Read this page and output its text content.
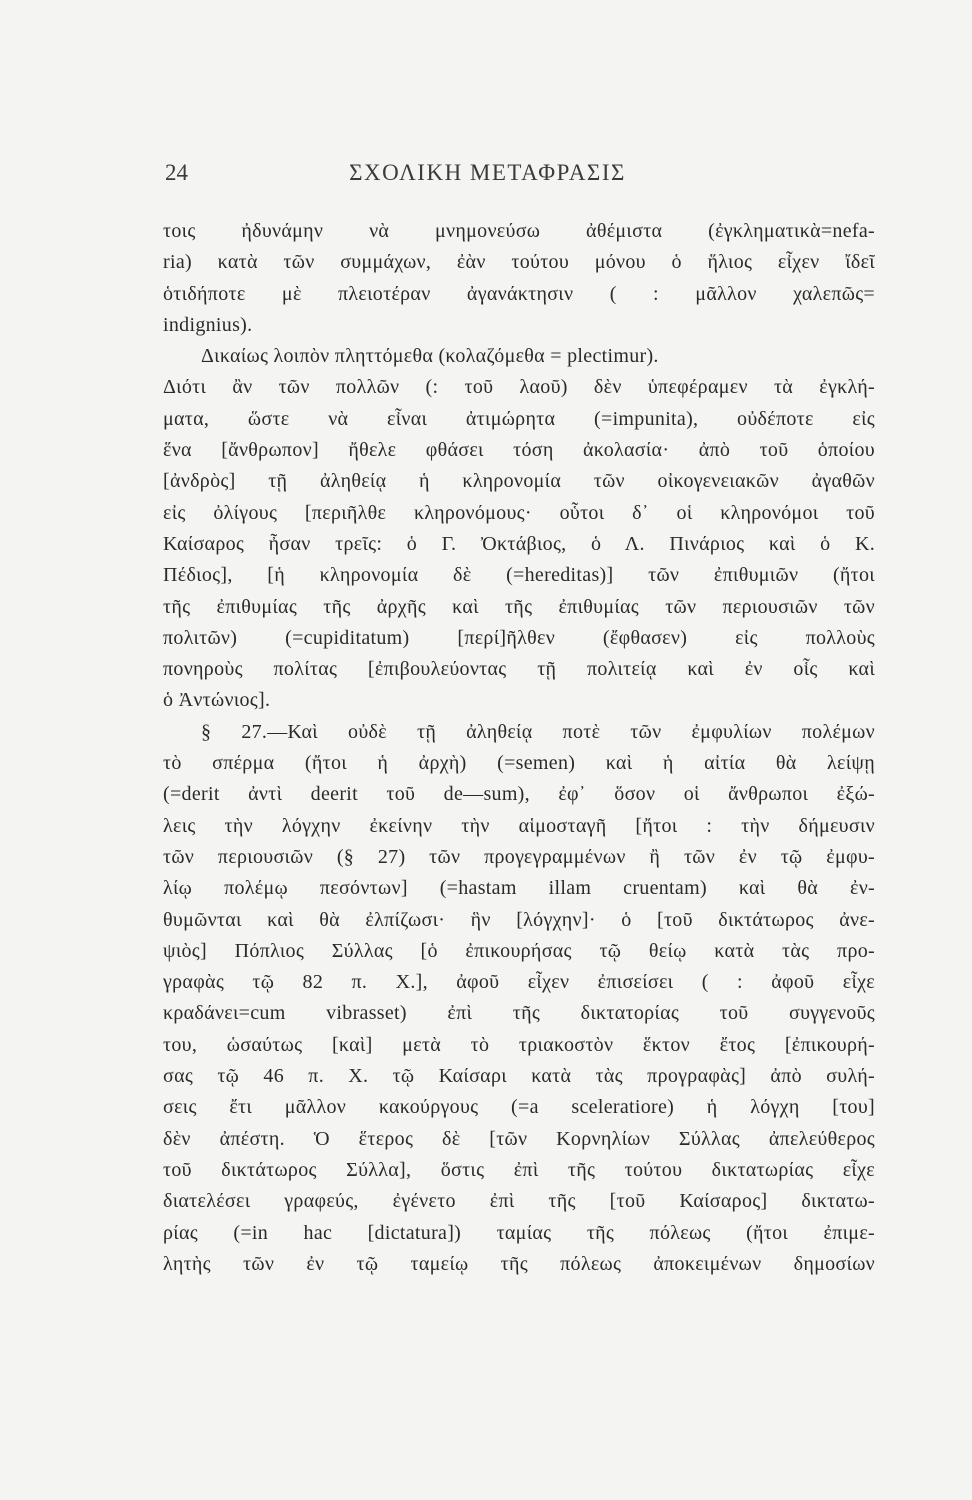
24	ΣΧΟΛΙΚΗ ΜΕΤΑΦΡΑΣΙΣ
τοις ἠδυνάμην νὰ μνημονεύσω ἀθέμιστα (ἐγκληματικὰ=nefa-
ria) κατὰ τῶν συμμάχων, ἐὰν τούτου μόνου ὁ ἥλιος εἶχεν ἴδεῖ
ὁτιδήποτε μὲ πλειοτέραν ἀγανάκτησιν ( : μᾶλλον χαλεπῶς=
indignius).
Δικαίως λοιπὸν πληττόμεθα (κολαζόμεθα = plectimur).
Διότι ἂν τῶν πολλῶν (: τοῦ λαοῦ) δὲν ὑπεφέραμεν τὰ ἐγκλή-
ματα, ὥστε νὰ εἶναι ἀτιμώρητα (=impunita), οὐδέποτε εἰς
ἕνα [ἄνθρωπον] ἤθελε φθάσει τόση ἀκολασία· ἀπὸ τοῦ ὁποίου
[ἀνδρὸς] τῇ ἀληθείᾳ ἡ κληρονομία τῶν οἰκογενειακῶν ἀγαθῶν
εἰς ὀλίγους [περιῆλθε κληρονόμους· οὗτοι δ᾿ οἱ κληρονόμοι τοῦ
Καίσαρος ἦσαν τρεῖς: ὁ Γ. Ὀκτάβιος, ὁ Λ. Πινάριος καὶ ὁ Κ.
Πέδιος], [ἡ κληρονομία δὲ (=hereditas)] τῶν ἐπιθυμιῶν (ἤτοι
τῆς ἐπιθυμίας τῆς ἀρχῆς καὶ τῆς ἐπιθυμίας τῶν περιουσιῶν τῶν
πολιτῶν) (=cupiditatum) [περί]ῆλθεν (ἔφθασεν) εἰς πολλοὺς
πονηροὺς πολίτας [ἐπιβουλεύοντας τῇ πολιτείᾳ καὶ ἐν οἷς καὶ
ὁ Ἀντώνιος].
§ 27.—Καὶ οὐδὲ τῇ ἀληθείᾳ ποτὲ τῶν ἐμφυλίων πολέμων
τὸ σπέρμα (ἤτοι ἡ ἀρχὴ) (=semen) καὶ ἡ αἰτία θὰ λείψῃ
(=derit ἀντὶ deerit τοῦ de—sum), ἐφ᾿ ὅσον οἱ ἄνθρωποι ἐξώ-
λεις τὴν λόγχην ἐκείνην τὴν αἱμοσταγῆ [ἤτοι : τὴν δήμευσιν
τῶν περιουσιῶν (§ 27) τῶν προγεγραμμένων ἢ τῶν ἐν τῷ ἐμφυ-
λίῳ πολέμῳ πεσόντων] (=hastam illam cruentam) καὶ θὰ ἐν-
θυμῶνται καὶ θὰ ἐλπίζωσι· ἣν [λόγχην]· ὁ [τοῦ δικτάτωρος ἀνε-
ψιὸς] Πόπλιος Σύλλας [ὁ ἐπικουρήσας τῷ θείῳ κατὰ τὰς προ-
γραφὰς τῷ 82 π. Χ.], ἀφοῦ εἶχεν ἐπισείσει ( : ἀφοῦ εἶχε
κραδάνει=cum vibrasset) ἐπὶ τῆς δικτατορίας τοῦ συγγενοῦς
του, ὡσαύτως [καὶ] μετὰ τὸ τριακοστὸν ἕκτον ἔτος [ἐπικουρή-
σας τῷ 46 π. Χ. τῷ Καίσαρι κατὰ τὰς προγραφὰς] ἀπὸ συλή-
σεις ἔτι μᾶλλον κακούργους (=a sceleratiore) ἡ λόγχη [του]
δὲν ἀπέστη. Ὁ ἕτερος δὲ [τῶν Κορνηλίων Σύλλας ἀπελεύθερος
τοῦ δικτάτωρος Σύλλα], ὅστις ἐπὶ τῆς τούτου δικτατωρίας εἶχε
διατελέσει γραφεύς, ἐγένετο ἐπὶ τῆς [τοῦ Καίσαρος] δικτατω-
ρίας (=in hac [dictatura]) ταμίας τῆς πόλεως (ἤτοι ἐπιμε-
λητὴς τῶν ἐν τῷ ταμείῳ τῆς πόλεως ἀποκειμένων δημοσίων
